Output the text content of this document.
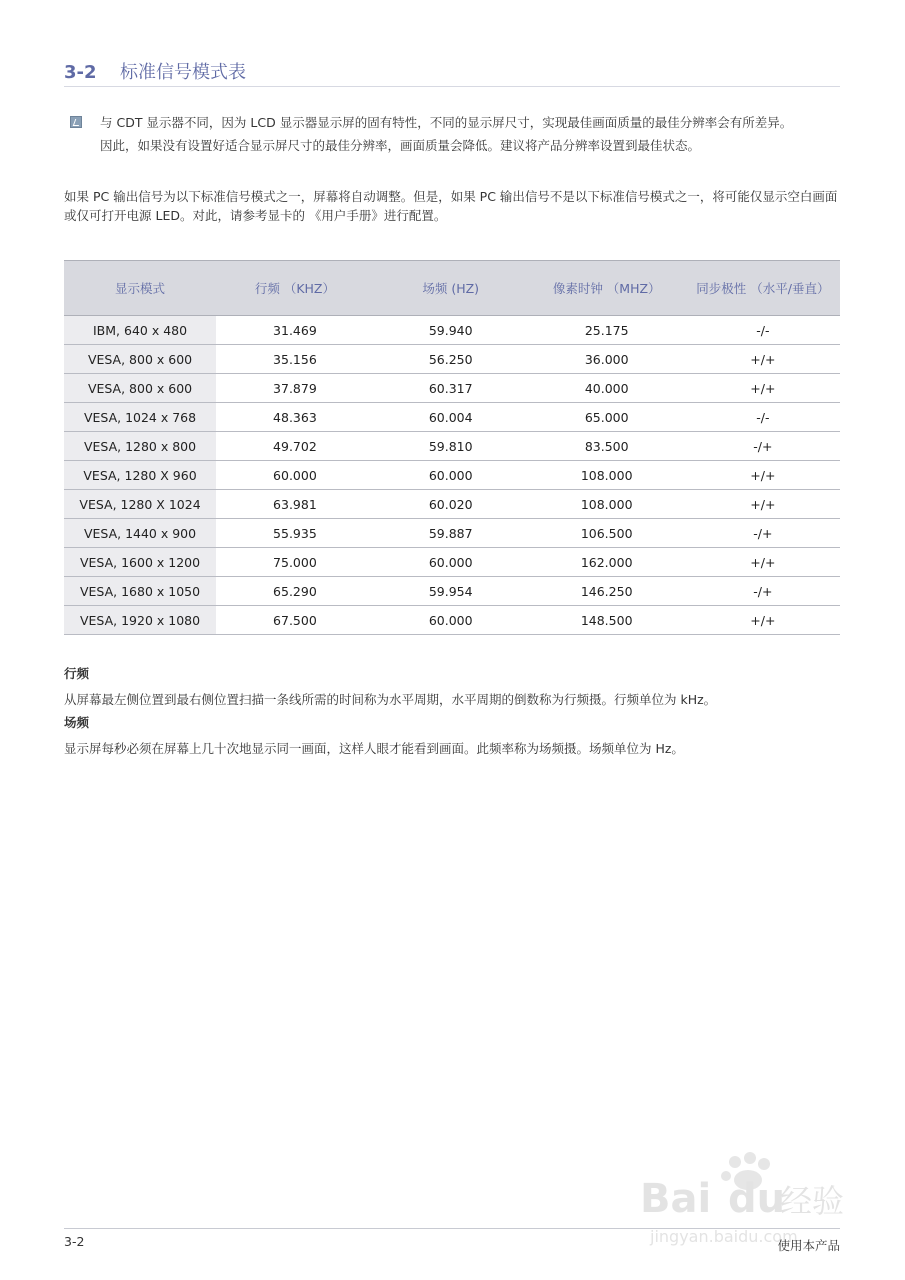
3-2 标准信号模式表

与 CDT 显示器不同，因为 LCD 显示器显示屏的固有特性，不同的显示屏尺寸，实现最佳画面质量的最佳分辨率会有所差异。

因此，如果没有设置好适合显示屏尺寸的最佳分辨率，画面质量会降低。建议将产品分辨率设置到最佳状态。

如果 PC 输出信号为以下标准信号模式之一，屏幕将自动调整。但是，如果 PC 输出信号不是以下标准信号模式之一，将可能仅显示空白画面或仅可打开电源 LED。对此，请参考显卡的 《用户手册》进行配置。

显示模式	行频 （KHZ）	场频 (HZ)	像素时钟 （MHZ）	同步极性 （水平/垂直）
IBM, 640 x 480	31.469	59.940	25.175	-/-
VESA, 800 x 600	35.156	56.250	36.000	+/+
VESA, 800 x 600	37.879	60.317	40.000	+/+
VESA, 1024 x 768	48.363	60.004	65.000	-/-
VESA, 1280 x 800	49.702	59.810	83.500	-/+
VESA, 1280 X 960	60.000	60.000	108.000	+/+
VESA, 1280 X 1024	63.981	60.020	108.000	+/+
VESA, 1440 x 900	55.935	59.887	106.500	-/+
VESA, 1600 x 1200	75.000	60.000	162.000	+/+
VESA, 1680 x 1050	65.290	59.954	146.250	-/+
VESA, 1920 x 1080	67.500	60.000	148.500	+/+
行频
从屏幕最左侧位置到最右侧位置扫描一条线所需的时间称为水平周期，水平周期的倒数称为行频摄。行频单位为 kHz。
场频
显示屏每秒必须在屏幕上几十次地显示同一画面，这样人眼才能看到画面。此频率称为场频摄。场频单位为 Hz。
Bai du
经验
jingyan.baidu.com
3-2	使用本产品
